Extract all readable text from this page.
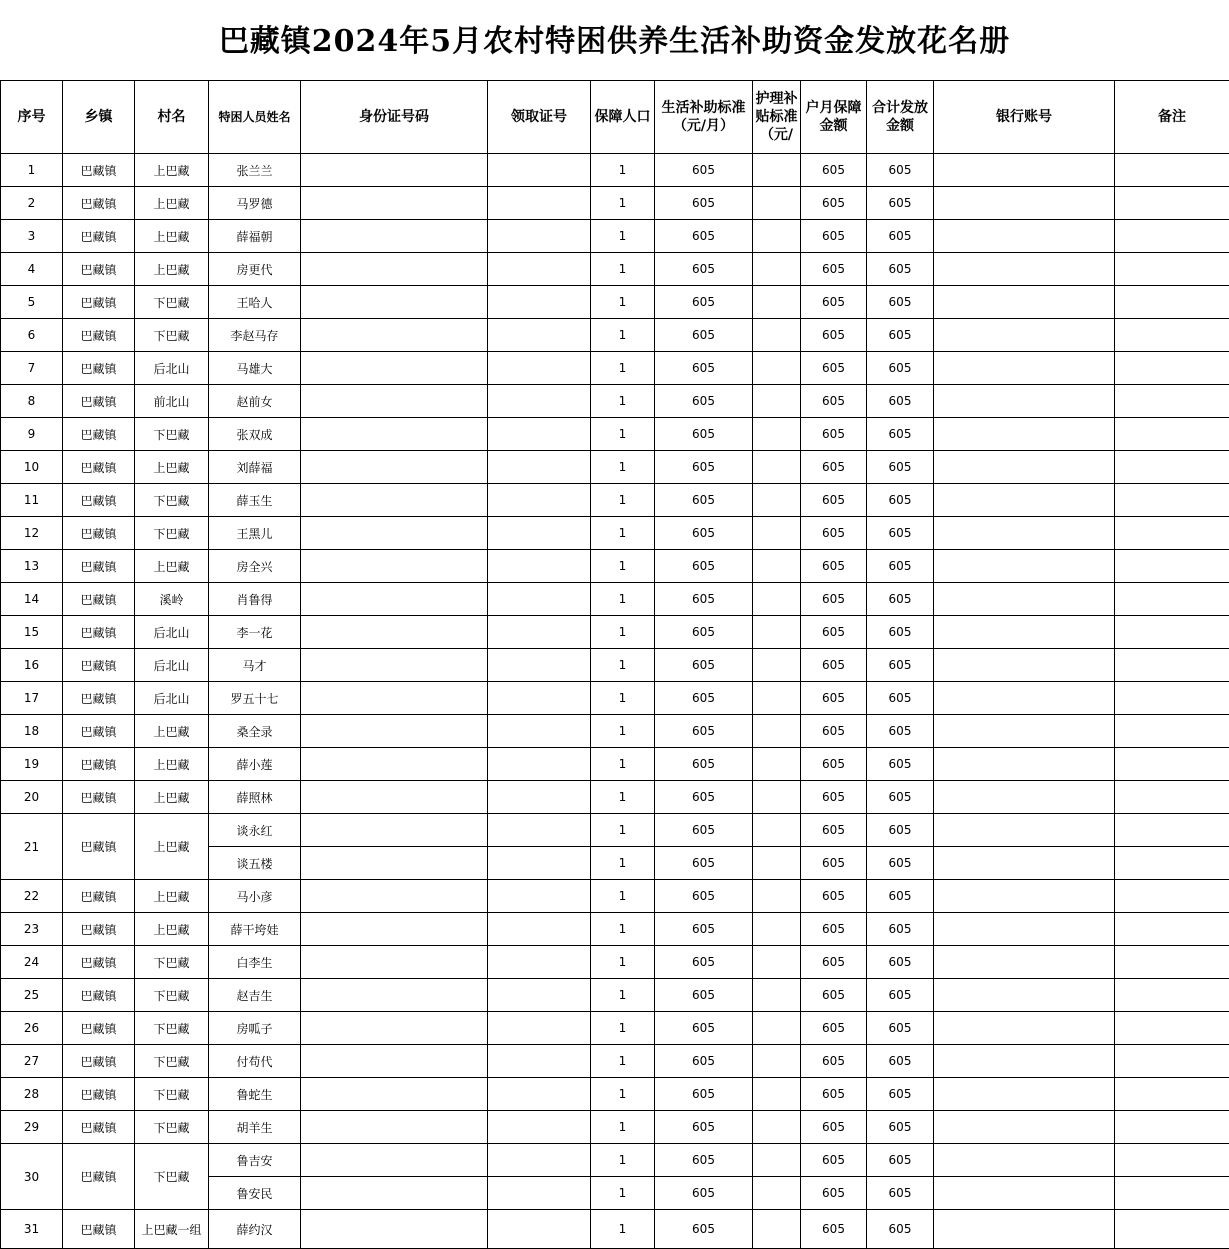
巴藏镇2024年5月农村特困供养生活补助资金发放花名册
序号	乡镇	村名	特困人员姓名	身份证号码	领取证号	保障人口	生活补助标准 （元/月）	护理补贴标准（元/	户月保障金额	合计发放金额	银行账号	备注
1	巴藏镇	上巴藏	张兰兰			1	605		605	605		
2	巴藏镇	上巴藏	马罗德			1	605		605	605		
3	巴藏镇	上巴藏	薛福朝			1	605		605	605		
4	巴藏镇	上巴藏	房更代			1	605		605	605		
5	巴藏镇	下巴藏	王哈人			1	605		605	605		
6	巴藏镇	下巴藏	李赵马存			1	605		605	605		
7	巴藏镇	后北山	马雄大			1	605		605	605		
8	巴藏镇	前北山	赵前女			1	605		605	605		
9	巴藏镇	下巴藏	张双成			1	605		605	605		
10	巴藏镇	上巴藏	刘薛福			1	605		605	605		
11	巴藏镇	下巴藏	薛玉生			1	605		605	605		
12	巴藏镇	下巴藏	王黑儿			1	605		605	605		
13	巴藏镇	上巴藏	房全兴			1	605		605	605		
14	巴藏镇	溪岭	肖鲁得			1	605		605	605		
15	巴藏镇	后北山	李一花			1	605		605	605		
16	巴藏镇	后北山	马才			1	605		605	605		
17	巴藏镇	后北山	罗五十七			1	605		605	605		
18	巴藏镇	上巴藏	桑全录			1	605		605	605		
19	巴藏镇	上巴藏	薛小莲			1	605		605	605		
20	巴藏镇	上巴藏	薛照林			1	605		605	605		
21	巴藏镇	上巴藏	谈永红			1	605		605	605		
			谈五楼			1	605		605	605		
22	巴藏镇	上巴藏	马小彦			1	605		605	605		
23	巴藏镇	上巴藏	薛干垮娃			1	605		605	605		
24	巴藏镇	下巴藏	白李生			1	605		605	605		
25	巴藏镇	下巴藏	赵吉生			1	605		605	605		
26	巴藏镇	下巴藏	房呱子			1	605		605	605		
27	巴藏镇	下巴藏	付苟代			1	605		605	605		
28	巴藏镇	下巴藏	鲁蛇生			1	605		605	605		
29	巴藏镇	下巴藏	胡羊生			1	605		605	605		
30	巴藏镇	下巴藏	鲁吉安			1	605		605	605		
			鲁安民			1	605		605	605		
31	巴藏镇	上巴藏一组	薛约汉			1	605		605	605		
